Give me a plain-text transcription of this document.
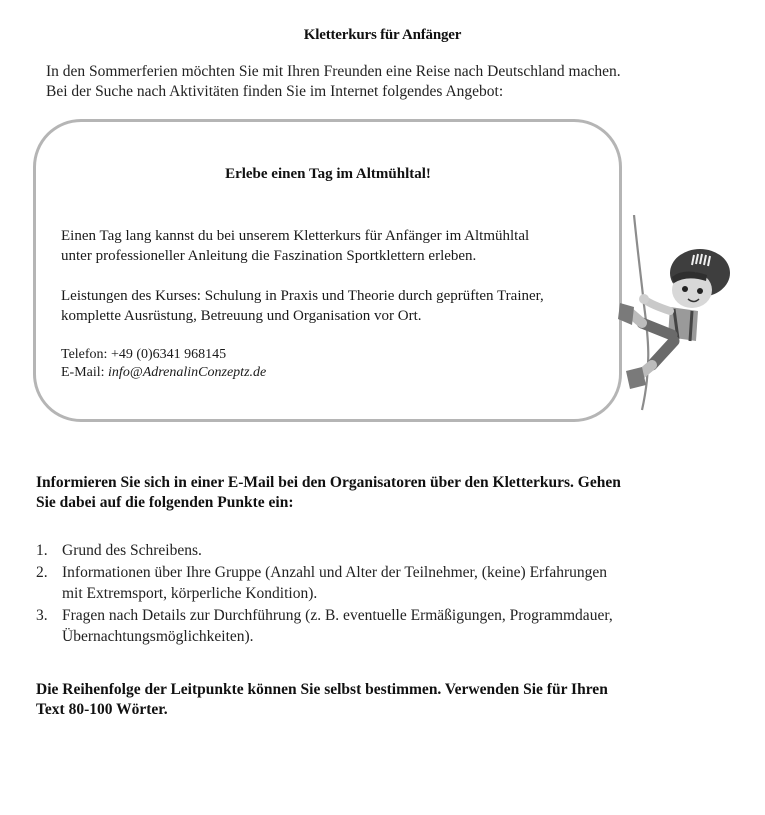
Kletterkurs für Anfänger

In den Sommerferien möchten Sie mit Ihren Freunden eine Reise nach Deutschland machen.

Bei der Suche nach Aktivitäten finden Sie im Internet folgendes Angebot:

Erlebe einen Tag im Altmühltal!

Einen Tag lang kannst du bei unserem Kletterkurs für Anfänger im Altmühltal

unter professioneller Anleitung die Faszination Sportklettern erleben.

Leistungen des Kurses: Schulung in Praxis und Theorie durch geprüften Trainer,

komplette Ausrüstung, Betreuung und Organisation vor Ort.

Telefon: +49 (0)6341 968145

E-Mail: info@AdrenalinConzeptz.de

Informieren Sie sich in einer E-Mail bei den Organisatoren über den Kletterkurs. Gehen

Sie dabei auf die folgenden Punkte ein:

1. Grund des Schreibens.
2. Informationen über Ihre Gruppe (Anzahl und Alter der Teilnehmer, (keine) Erfahrungen
mit Extremsport, körperliche Kondition).
3. Fragen nach Details zur Durchführung (z. B. eventuelle Ermäßigungen, Programmdauer,
Übernachtungsmöglichkeiten).

Die Reihenfolge der Leitpunkte können Sie selbst bestimmen. Verwenden Sie für Ihren

Text 80-100 Wörter.
